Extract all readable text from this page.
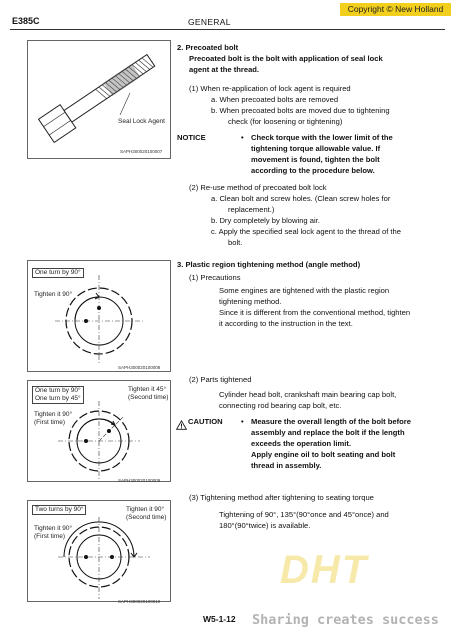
Copyright © New Holland
E385C	GENERAL
DHT
Seal Lock Agent
SAPH300020100007
One turn by 90°
Tighten it 90°
SAPH300020100008
One turn by 90°
One turn by 45°
Tighten it 90°
(First time)
Tighten it 45°
(Second time)
SAPH300020100009
Two turns by 90°
Tighten it 90°
(First time)
Tighten it 90°
(Second time)
SAPH300020100010
2. Precoated bolt
Precoated bolt is the bolt with application of seal lock
agent at the thread.
(1) When re-application of lock agent is required
a. When precoated bolts are removed
b. When precoated bolts are moved due to tightening
check (for loosening or tightening)
NOTICE	• Check torque with the lower limit of the
tightening torque allowable value. If
movement is found, tighten the bolt
according to the procedure below.
(2) Re-use method of precoated bolt lock
a. Clean bolt and screw holes. (Clean screw holes for
replacement.)
b. Dry completely by blowing air.
c. Apply the specified seal lock agent to the thread of the
bolt.
3. Plastic region tightening method (angle method)
(1) Precautions
Some engines are tightened with the plastic region
tightening method.
Since it is different from the conventional method, tighten
it according to the instruction in the text.
(2) Parts tightened
Cylinder head bolt, crankshaft main bearing cap bolt,
connecting rod bearing cap bolt, etc.
CAUTION • Measure the overall length of the bolt before
assembly and replace the bolt if the length
exceeds the operation limit.
Apply engine oil to bolt seating and bolt
thread in assembly.
(3) Tightening method after tightening to seating torque
Tightening of 90°, 135°(90°once and 45°once) and
180°(90°twice) is available.
W5-1-12 Sharing creates success
